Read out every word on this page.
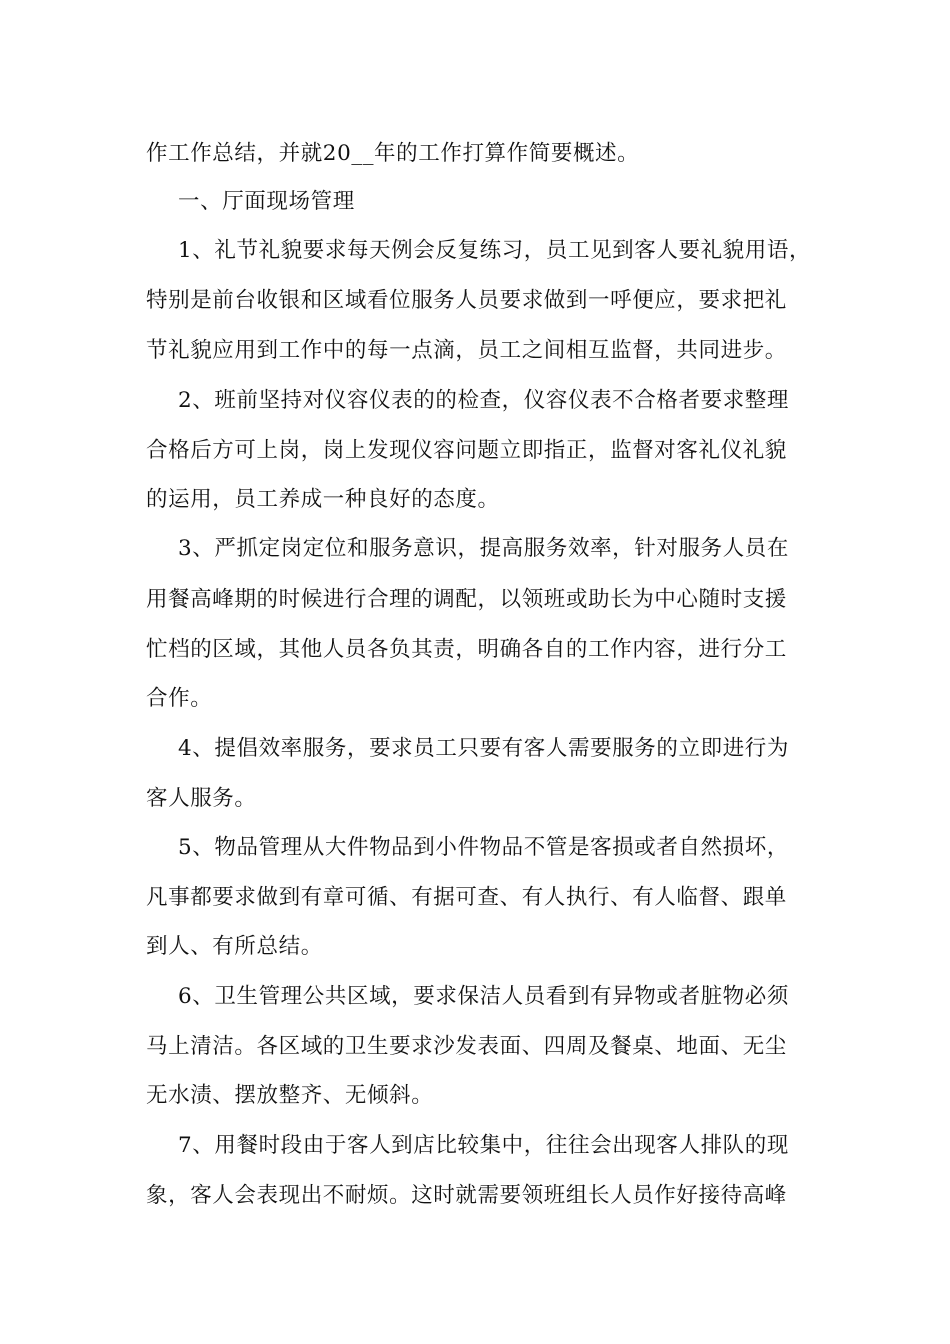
作工作总结，并就20__年的工作打算作简要概述。
一、厅面现场管理
1、礼节礼貌要求每天例会反复练习，员工见到客人要礼貌用语，
特别是前台收银和区域看位服务人员要求做到一呼便应，要求把礼
节礼貌应用到工作中的每一点滴，员工之间相互监督，共同进步。
2、班前坚持对仪容仪表的的检查，仪容仪表不合格者要求整理
合格后方可上岗，岗上发现仪容问题立即指正，监督对客礼仪礼貌
的运用，员工养成一种良好的态度。
3、严抓定岗定位和服务意识，提高服务效率，针对服务人员在
用餐高峰期的时候进行合理的调配，以领班或助长为中心随时支援
忙档的区域，其他人员各负其责，明确各自的工作内容，进行分工
合作。
4、提倡效率服务，要求员工只要有客人需要服务的立即进行为
客人服务。
5、物品管理从大件物品到小件物品不管是客损或者自然损坏，
凡事都要求做到有章可循、有据可查、有人执行、有人临督、跟单
到人、有所总结。
6、卫生管理公共区域，要求保洁人员看到有异物或者脏物必须
马上清洁。各区域的卫生要求沙发表面、四周及餐桌、地面、无尘
无水渍、摆放整齐、无倾斜。
7、用餐时段由于客人到店比较集中，往往会出现客人排队的现
象，客人会表现出不耐烦。这时就需要领班组长人员作好接待高峰
